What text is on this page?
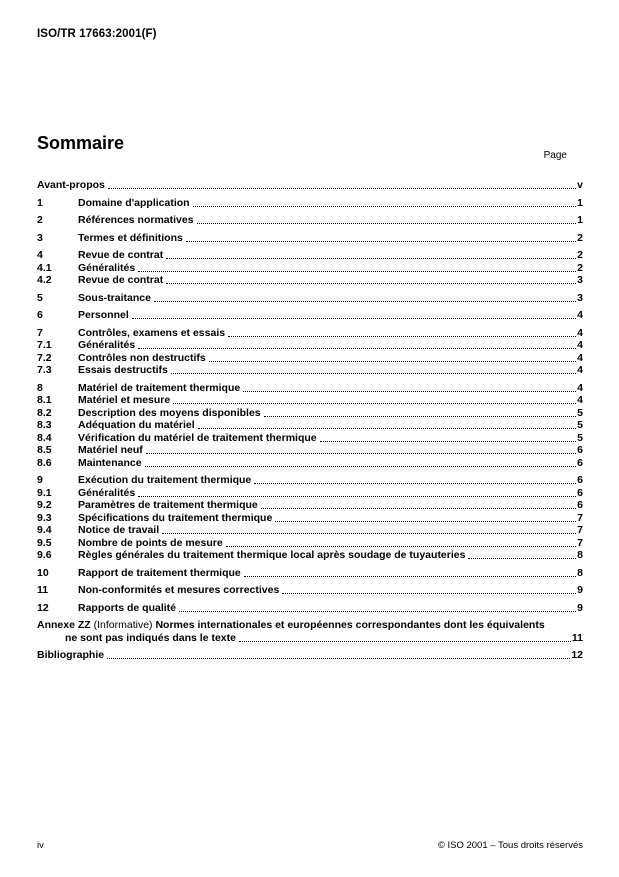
ISO/TR 17663:2001(F)
Sommaire
Page
Avant-propos	v
1	Domaine d'application	1
2	Références normatives	1
3	Termes et définitions	2
4	Revue de contrat	2
4.1	Généralités	2
4.2	Revue de contrat	3
5	Sous-traitance	3
6	Personnel	4
7	Contrôles, examens et essais	4
7.1	Généralités	4
7.2	Contrôles non destructifs	4
7.3	Essais destructifs	4
8	Matériel de traitement thermique	4
8.1	Matériel et mesure	4
8.2	Description des moyens disponibles	5
8.3	Adéquation du matériel	5
8.4	Vérification du matériel de traitement thermique	5
8.5	Matériel neuf	6
8.6	Maintenance	6
9	Exécution du traitement thermique	6
9.1	Généralités	6
9.2	Paramètres de traitement thermique	6
9.3	Spécifications du traitement thermique	7
9.4	Notice de travail	7
9.5	Nombre de points de mesure	7
9.6	Règles générales du traitement thermique local après soudage de tuyauteries	8
10	Rapport de traitement thermique	8
11	Non-conformités et mesures correctives	9
12	Rapports de qualité	9
Annexe ZZ (Informative) Normes internationales et européennes correspondantes dont les équivalents
ne sont pas indiqués dans le texte	11
Bibliographie	12
iv	© ISO 2001 – Tous droits réservés
